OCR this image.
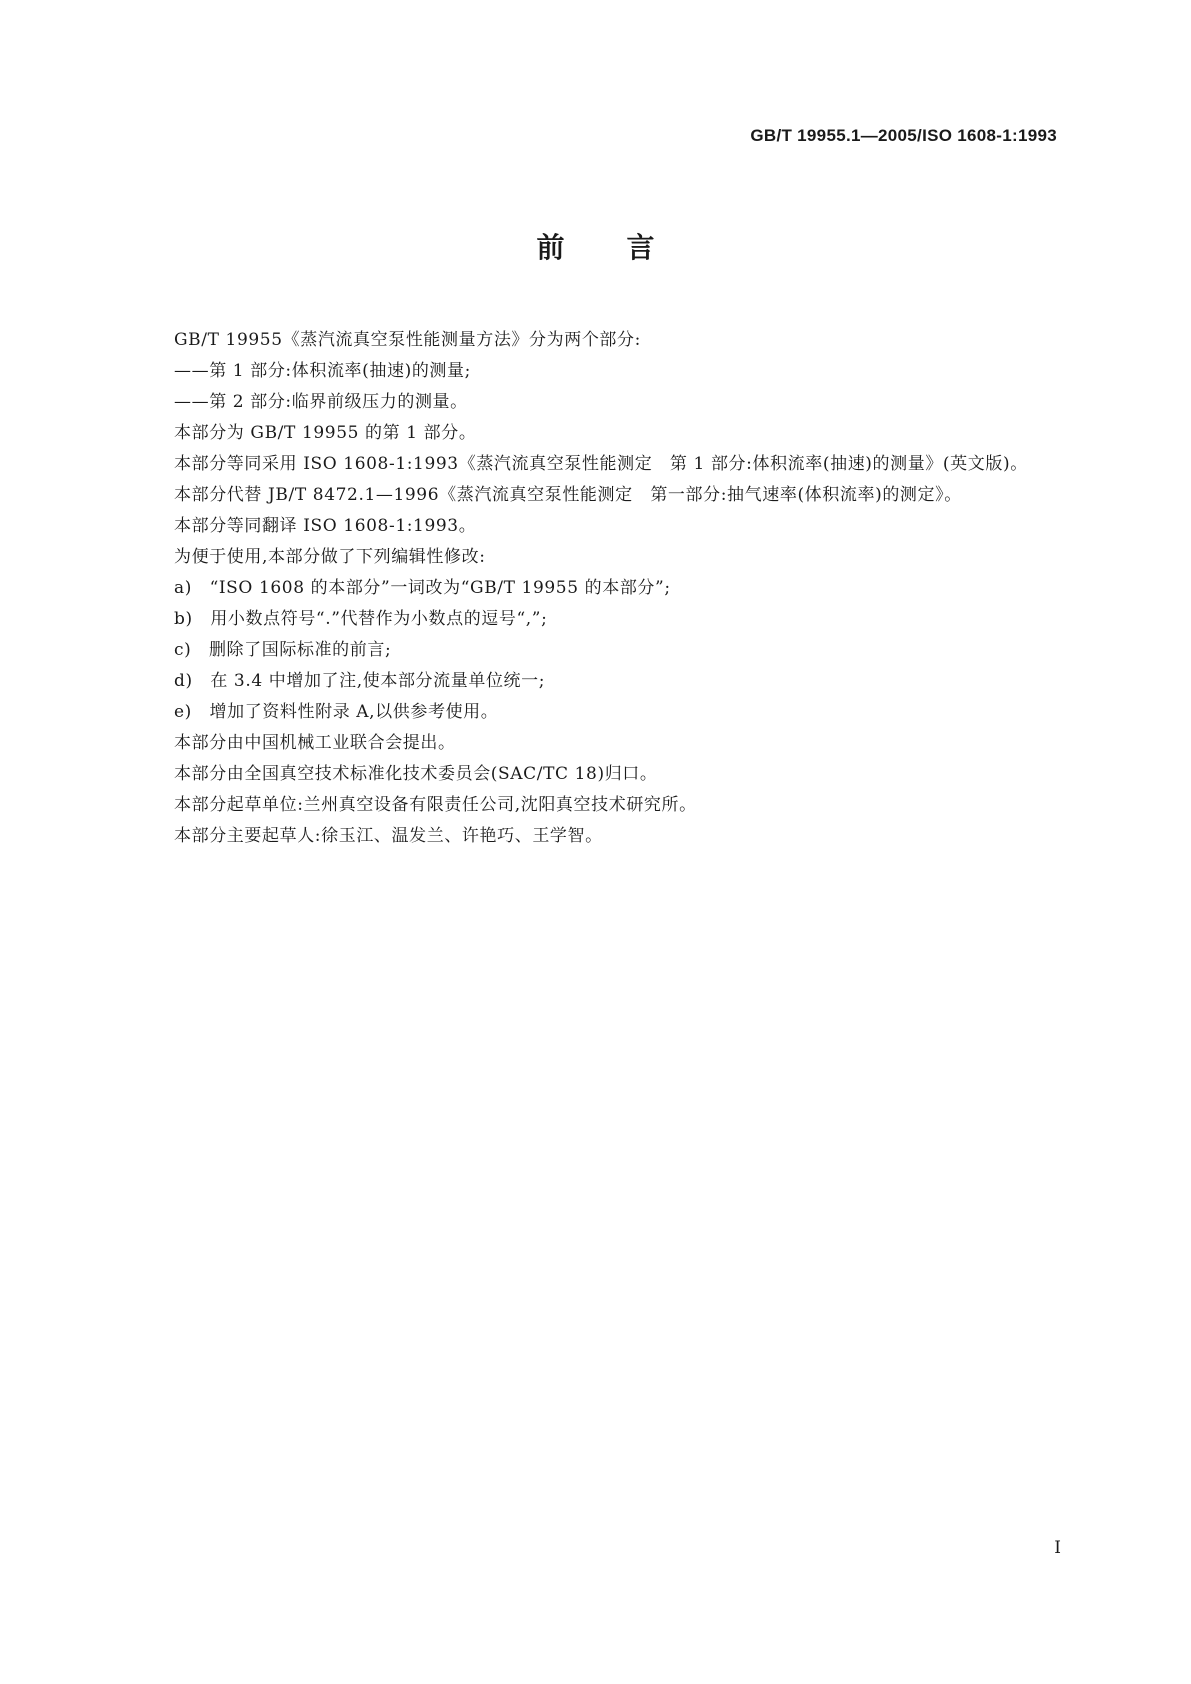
GB/T 19955.1—2005/ISO 1608-1:1993
前言

GB/T 19955《蒸汽流真空泵性能测量方法》分为两个部分:

——第 1 部分:体积流率(抽速)的测量;

——第 2 部分:临界前级压力的测量。

本部分为 GB/T 19955 的第 1 部分。

本部分等同采用 ISO 1608-1:1993《蒸汽流真空泵性能测定　第 1 部分:体积流率(抽速)的测量》(英文版)。

本部分代替 JB/T 8472.1—1996《蒸汽流真空泵性能测定　第一部分:抽气速率(体积流率)的测定》。

本部分等同翻译 ISO 1608-1:1993。

为便于使用,本部分做了下列编辑性修改:

a)　“ISO 1608 的本部分”一词改为“GB/T 19955 的本部分”;

b)　用小数点符号“.”代替作为小数点的逗号“,”;

c)　删除了国际标准的前言;

d)　在 3.4 中增加了注,使本部分流量单位统一;

e)　增加了资料性附录 A,以供参考使用。

本部分由中国机械工业联合会提出。

本部分由全国真空技术标准化技术委员会(SAC/TC 18)归口。

本部分起草单位:兰州真空设备有限责任公司,沈阳真空技术研究所。

本部分主要起草人:徐玉江、温发兰、许艳巧、王学智。

I
